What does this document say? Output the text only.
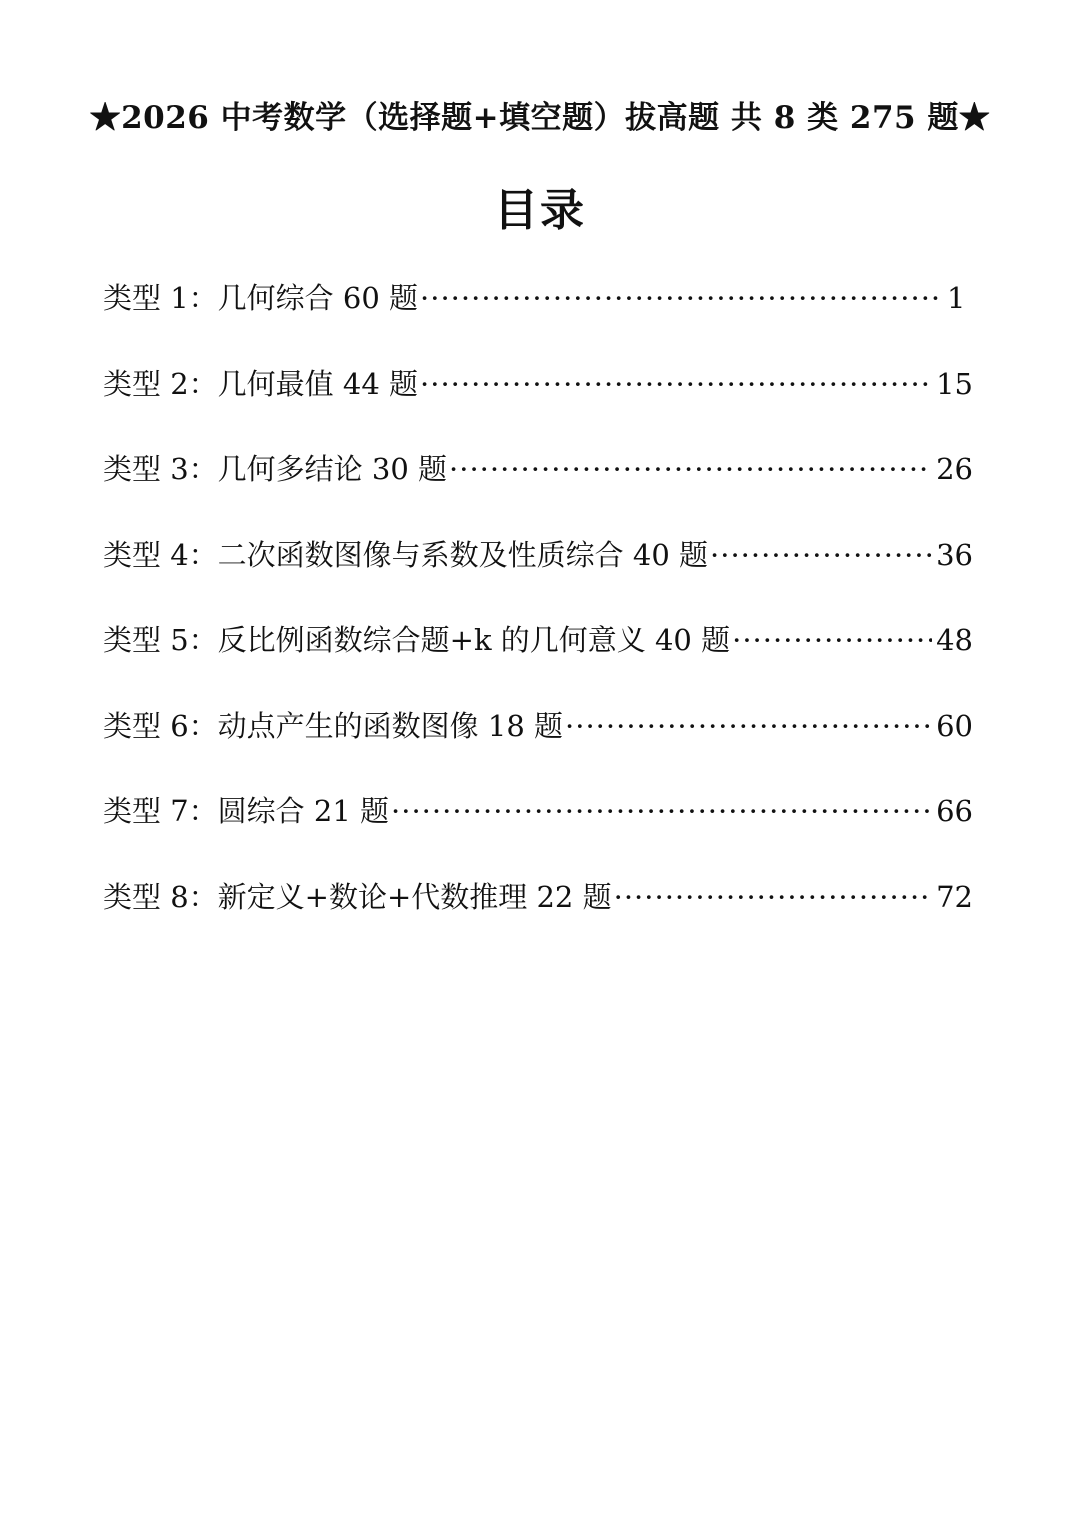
★2026 中考数学（选择题+填空题）拔高题 共 8 类 275 题★
目录
类型 1：几何综合 60 题 ·····	1
类型 2：几何最值 44 题 ·····	15
类型 3：几何多结论 30 题 ·····	26
类型 4：二次函数图像与系数及性质综合 40 题 ·····	36
类型 5：反比例函数综合题+k 的几何意义 40 题 ·····	48
类型 6：动点产生的函数图像 18 题 ·····	60
类型 7：圆综合 21 题 ·····	66
类型 8：新定义+数论+代数推理 22 题 ·····	72
